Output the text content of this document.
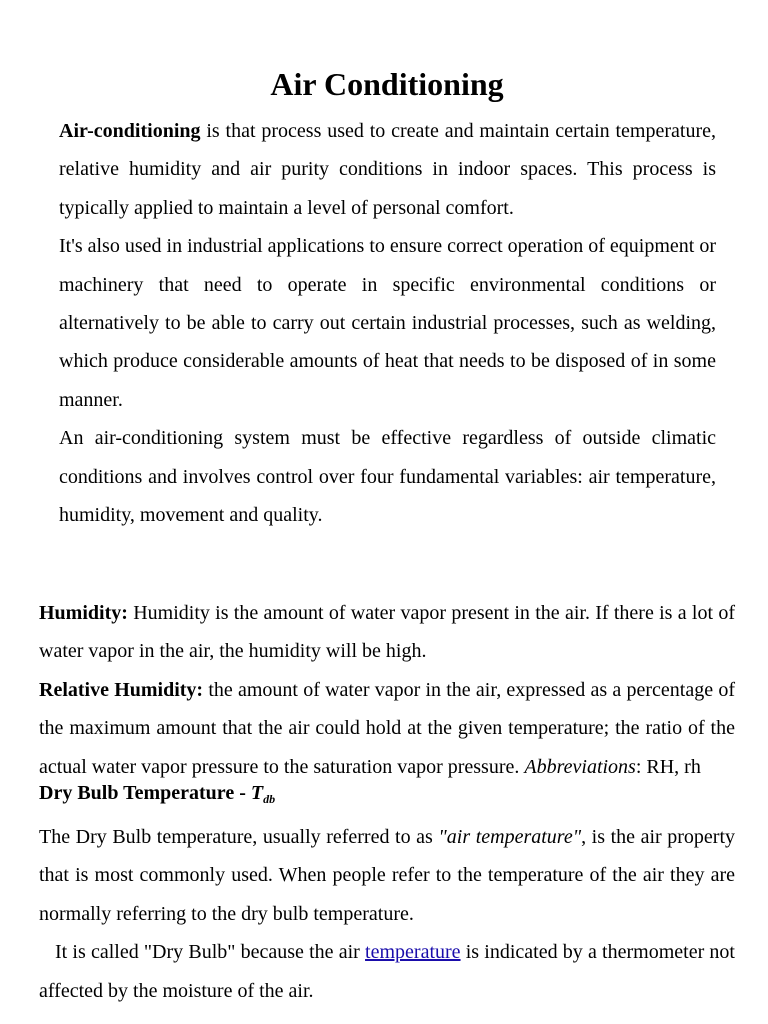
Air Conditioning

Air-conditioning is that process used to create and maintain certain temperature, relative humidity and air purity conditions in indoor spaces. This process is typically applied to maintain a level of personal comfort.

It's also used in industrial applications to ensure correct operation of equipment or machinery that need to operate in specific environmental conditions or alternatively to be able to carry out certain industrial processes, such as welding, which produce considerable amounts of heat that needs to be disposed of in some manner.

An air-conditioning system must be effective regardless of outside climatic conditions and involves control over four fundamental variables: air temperature, humidity, movement and quality.

Humidity: Humidity is the amount of water vapor present in the air. If there is a lot of water vapor in the air, the humidity will be high.

Relative Humidity: the amount of water vapor in the air, expressed as a percentage of the maximum amount that the air could hold at the given temperature; the ratio of the actual water vapor pressure to the saturation vapor pressure. Abbreviations: RH, rh

Dry Bulb Temperature - $T_{db}$

The Dry Bulb temperature, usually referred to as "air temperature", is the air property that is most commonly used. When people refer to the temperature of the air they are normally referring to the dry bulb temperature.

It is called "Dry Bulb" because the air temperature is indicated by a thermometer not affected by the moisture of the air.
